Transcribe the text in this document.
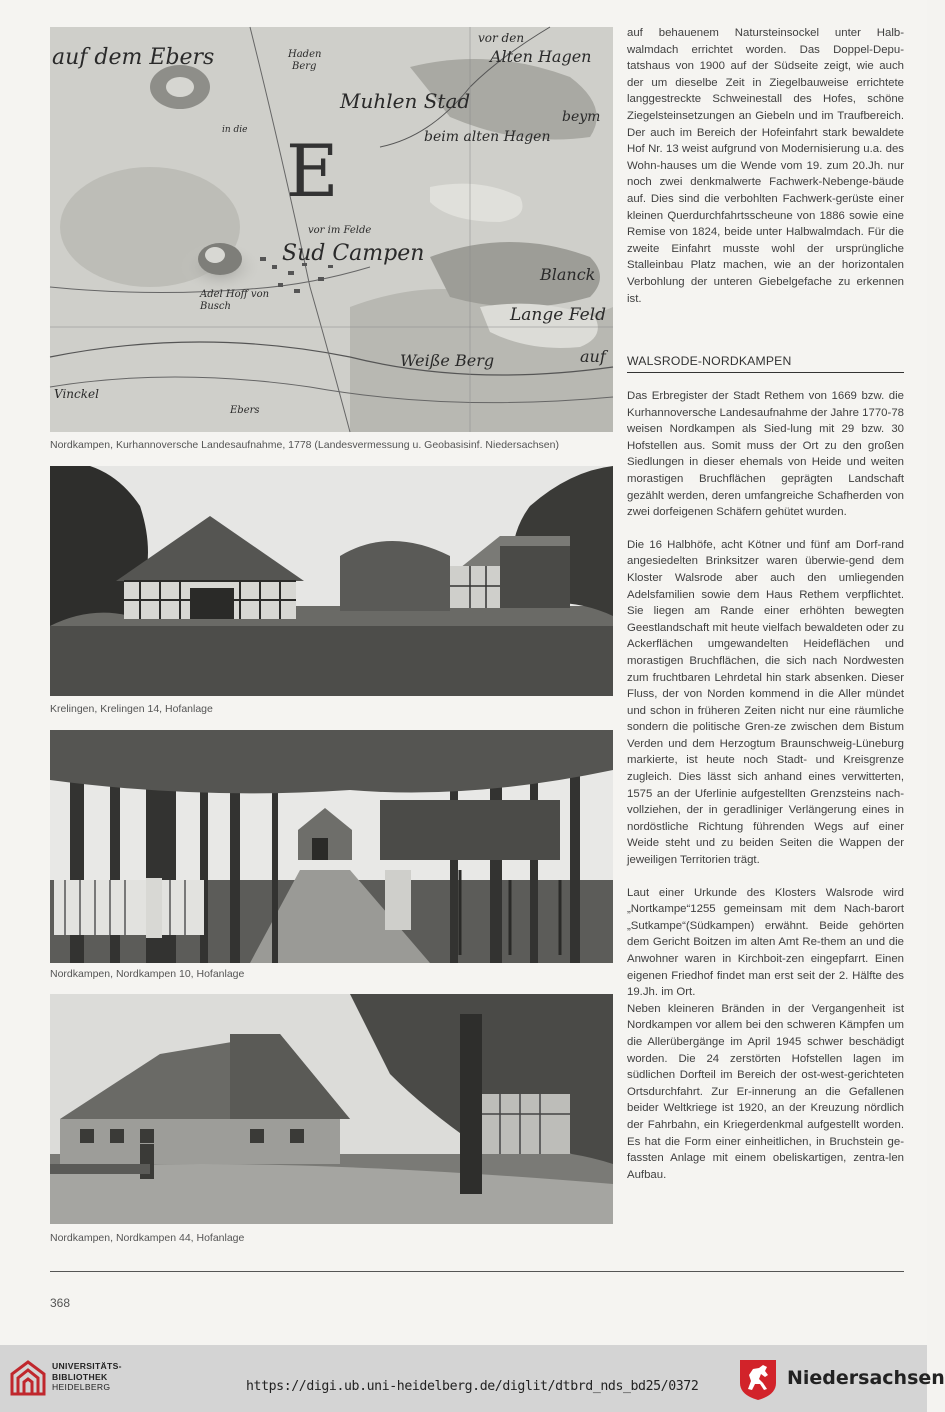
auf dem Ebers
vor den
Alten Hagen
Haden
Berg
Muhlen Stad
beym
beim alten Hagen
in die E
Sud Campen
vor im Felde
Adel Hoff von Busch	Lange Feld
Blanck
Weiße Berg	auf
Ebers
Vinckel
Nordkampen, Kurhannoversche Landesaufnahme, 1778 (Landesvermessung u. Geobasisinf. Niedersachsen)
Krelingen, Krelingen 14, Hofanlage
Nordkampen, Nordkampen 10, Hofanlage
Nordkampen, Nordkampen 44, Hofanlage

auf behauenem Natursteinsockel unter Halb-walmdach errichtet worden. Das Doppel-Depu-tatshaus von 1900 auf der Südseite zeigt, wie auch der um dieselbe Zeit in Ziegelbauweise errichtete langgestreckte Schweinestall des Hofes, schöne Ziegelsteinsetzungen an Giebeln und im Traufbereich. Der auch im Bereich der Hofeinfahrt stark bewaldete Hof Nr. 13 weist aufgrund von Modernisierung u.a. des Wohn-hauses um die Wende vom 19. zum 20.Jh. nur noch zwei denkmalwerte Fachwerk-Nebenge-bäude auf. Dies sind die verbohlten Fachwerk-gerüste einer kleinen Querdurchfahrtsscheune von 1886 sowie eine Remise von 1824, beide unter Halbwalmdach. Für die zweite Einfahrt musste wohl der ursprüngliche Stalleinbau Platz machen, wie an der horizontalen Verbohlung der unteren Giebelgefache zu erkennen ist.

WALSRODE-NORDKAMPEN

Das Erbregister der Stadt Rethem von 1669 bzw. die Kurhannoversche Landesaufnahme der Jahre 1770-78 weisen Nordkampen als Sied-lung mit 29 bzw. 30 Hofstellen aus. Somit muss der Ort zu den großen Siedlungen in dieser ehemals von Heide und weiten morastigen Bruchflächen geprägten Landschaft gezählt werden, deren umfangreiche Schafherden von zwei dorfeigenen Schäfern gehütet wurden.

Die 16 Halbhöfe, acht Kötner und fünf am Dorf-rand angesiedelten Brinksitzer waren überwie-gend dem Kloster Walsrode aber auch den umliegenden Adelsfamilien sowie dem Haus Rethem verpflichtet. Sie liegen am Rande einer erhöhten bewegten Geestlandschaft mit heute vielfach bewaldeten oder zu Ackerflächen umgewandelten Heideflächen und morastigen Bruchflächen, die sich nach Nordwesten zum fruchtbaren Lehrdetal hin stark absenken. Dieser Fluss, der von Norden kommend in die Aller mündet und schon in früheren Zeiten nicht nur eine räumliche sondern die politische Gren-ze zwischen dem Bistum Verden und dem Herzogtum Braunschweig-Lüneburg markierte, ist heute noch Stadt- und Kreisgrenze zugleich. Dies lässt sich anhand eines verwitterten, 1575 an der Uferlinie aufgestellten Grenzsteins nach-vollziehen, der in geradliniger Verlängerung eines in nordöstliche Richtung führenden Wegs auf einer Weide steht und zu beiden Seiten die Wappen der jeweiligen Territorien trägt.

Laut einer Urkunde des Klosters Walsrode wird „Nortkampe“1255 gemeinsam mit dem Nach-barort „Sutkampe“(Südkampen) erwähnt. Beide gehörten dem Gericht Boitzen im alten Amt Re-them an und die Anwohner waren in Kirchboit-zen eingepfarrt. Einen eigenen Friedhof findet man erst seit der 2. Hälfte des 19.Jh. im Ort.

Neben kleineren Bränden in der Vergangenheit ist Nordkampen vor allem bei den schweren Kämpfen um die Allerübergänge im April 1945 schwer beschädigt worden. Die 24 zerstörten Hofstellen lagen im südlichen Dorfteil im Bereich der ost-west-gerichteten Ortsdurchfahrt. Zur Er-innerung an die Gefallenen beider Weltkriege ist 1920, an der Kreuzung nördlich der Fahrbahn, ein Kriegerdenkmal aufgestellt worden. Es hat die Form einer einheitlichen, in Bruchstein ge-fassten Anlage mit einem obeliskartigen, zentra-len Aufbau.

368
UNIVERSITÄTS-
BIBLIOTHEK
HEIDELBERG	https://digi.ub.uni-heidelberg.de/diglit/dtbrd_nds_bd25/0372	Niedersachsen
